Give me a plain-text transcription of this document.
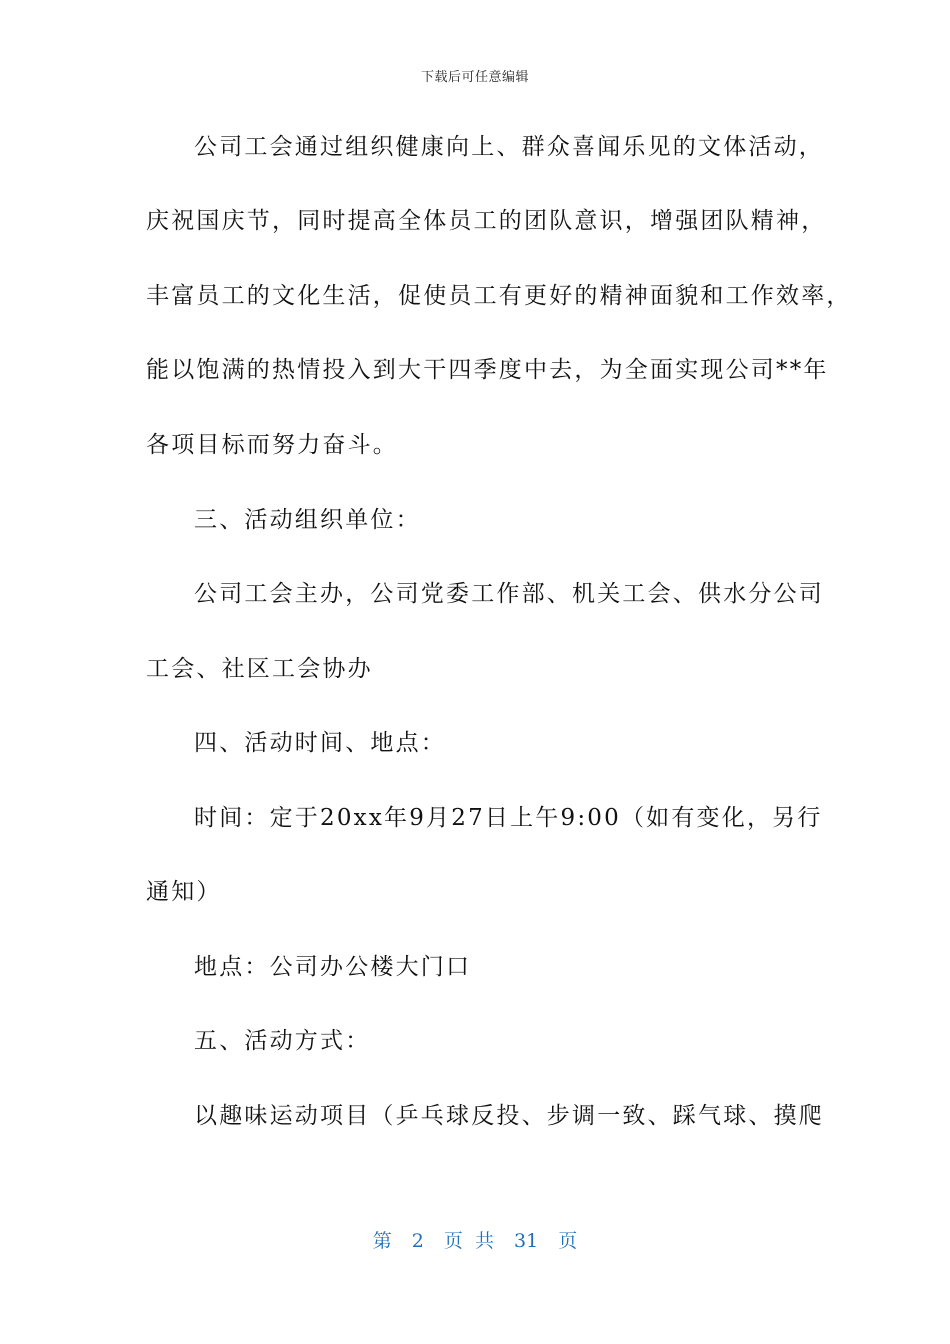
下载后可任意编辑
公司工会通过组织健康向上、群众喜闻乐见的文体活动，
庆祝国庆节，同时提高全体员工的团队意识，增强团队精神，
丰富员工的文化生活，促使员工有更好的精神面貌和工作效率，
能以饱满的热情投入到大干四季度中去，为全面实现公司**年
各项目标而努力奋斗。
三、活动组织单位：
公司工会主办，公司党委工作部、机关工会、供水分公司
工会、社区工会协办
四、活动时间、地点：
时间：定于20xx年9月27日上午9:00（如有变化，另行
通知）
地点：公司办公楼大门口
五、活动方式：
以趣味运动项目（乒乓球反投、步调一致、踩气球、摸爬
第 2 页 共 31 页
